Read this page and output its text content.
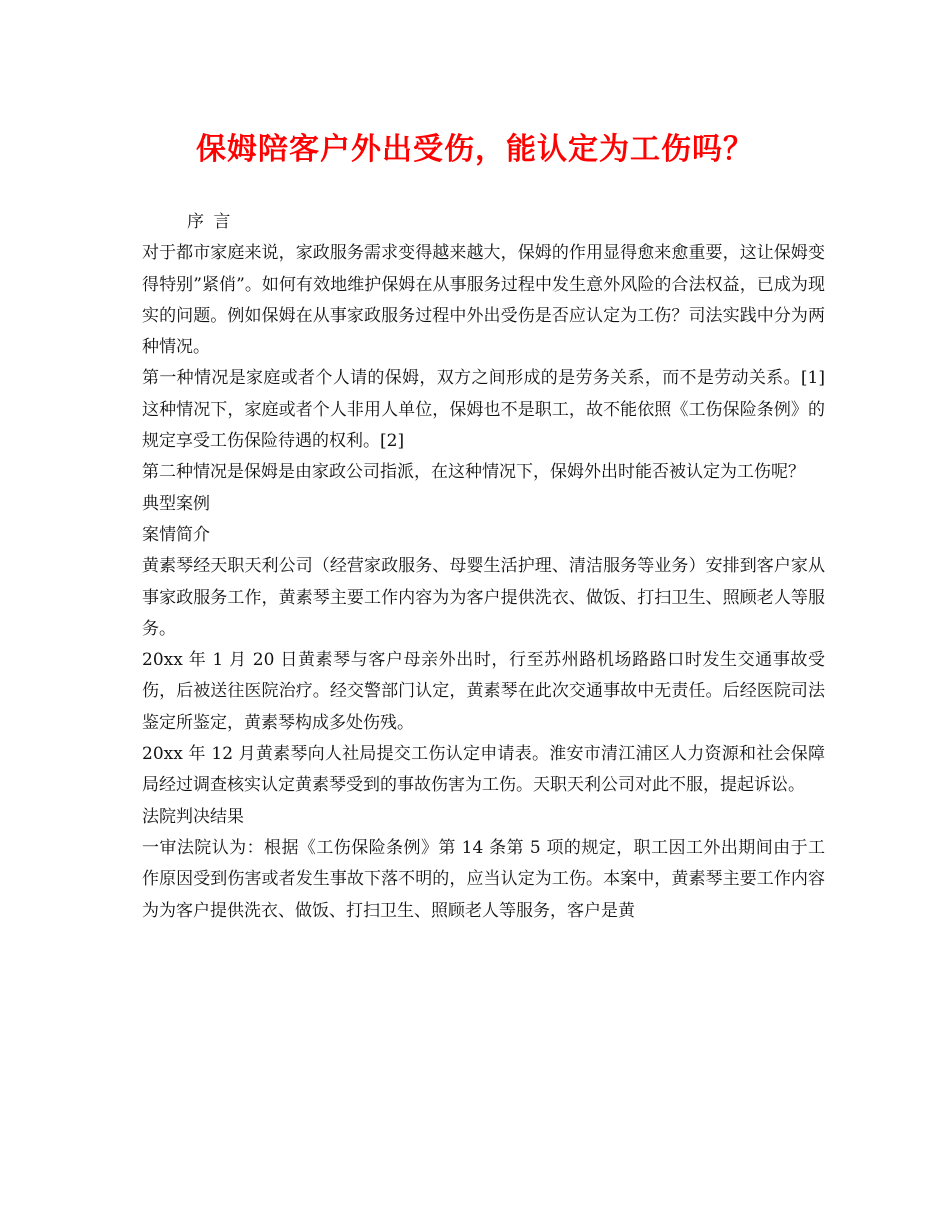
保姆陪客户外出受伤，能认定为工伤吗？

序 言

对于都市家庭来说，家政服务需求变得越来越大，保姆的作用显得愈来愈重要，这让保姆变得特别”紧俏”。如何有效地维护保姆在从事服务过程中发生意外风险的合法权益，已成为现实的问题。例如保姆在从事家政服务过程中外出受伤是否应认定为工伤？司法实践中分为两种情况。

第一种情况是家庭或者个人请的保姆，双方之间形成的是劳务关系，而不是劳动关系。[1] 这种情况下，家庭或者个人非用人单位，保姆也不是职工，故不能依照《工伤保险条例》的规定享受工伤保险待遇的权利。[2]

第二种情况是保姆是由家政公司指派，在这种情况下，保姆外出时能否被认定为工伤呢？

典型案例

案情简介

黄素琴经天职天利公司（经营家政服务、母婴生活护理、清洁服务等业务）安排到客户家从事家政服务工作，黄素琴主要工作内容为为客户提供洗衣、做饭、打扫卫生、照顾老人等服务。

20xx 年 1 月 20 日黄素琴与客户母亲外出时，行至苏州路机场路路口时发生交通事故受伤，后被送往医院治疗。经交警部门认定，黄素琴在此次交通事故中无责任。后经医院司法鉴定所鉴定，黄素琴构成多处伤残。

20xx 年 12 月黄素琴向人社局提交工伤认定申请表。淮安市清江浦区人力资源和社会保障局经过调查核实认定黄素琴受到的事故伤害为工伤。天职天利公司对此不服，提起诉讼。

法院判决结果

一审法院认为：根据《工伤保险条例》第 14 条第 5 项的规定，职工因工外出期间由于工作原因受到伤害或者发生事故下落不明的，应当认定为工伤。本案中，黄素琴主要工作内容为为客户提供洗衣、做饭、打扫卫生、照顾老人等服务，客户是黄
